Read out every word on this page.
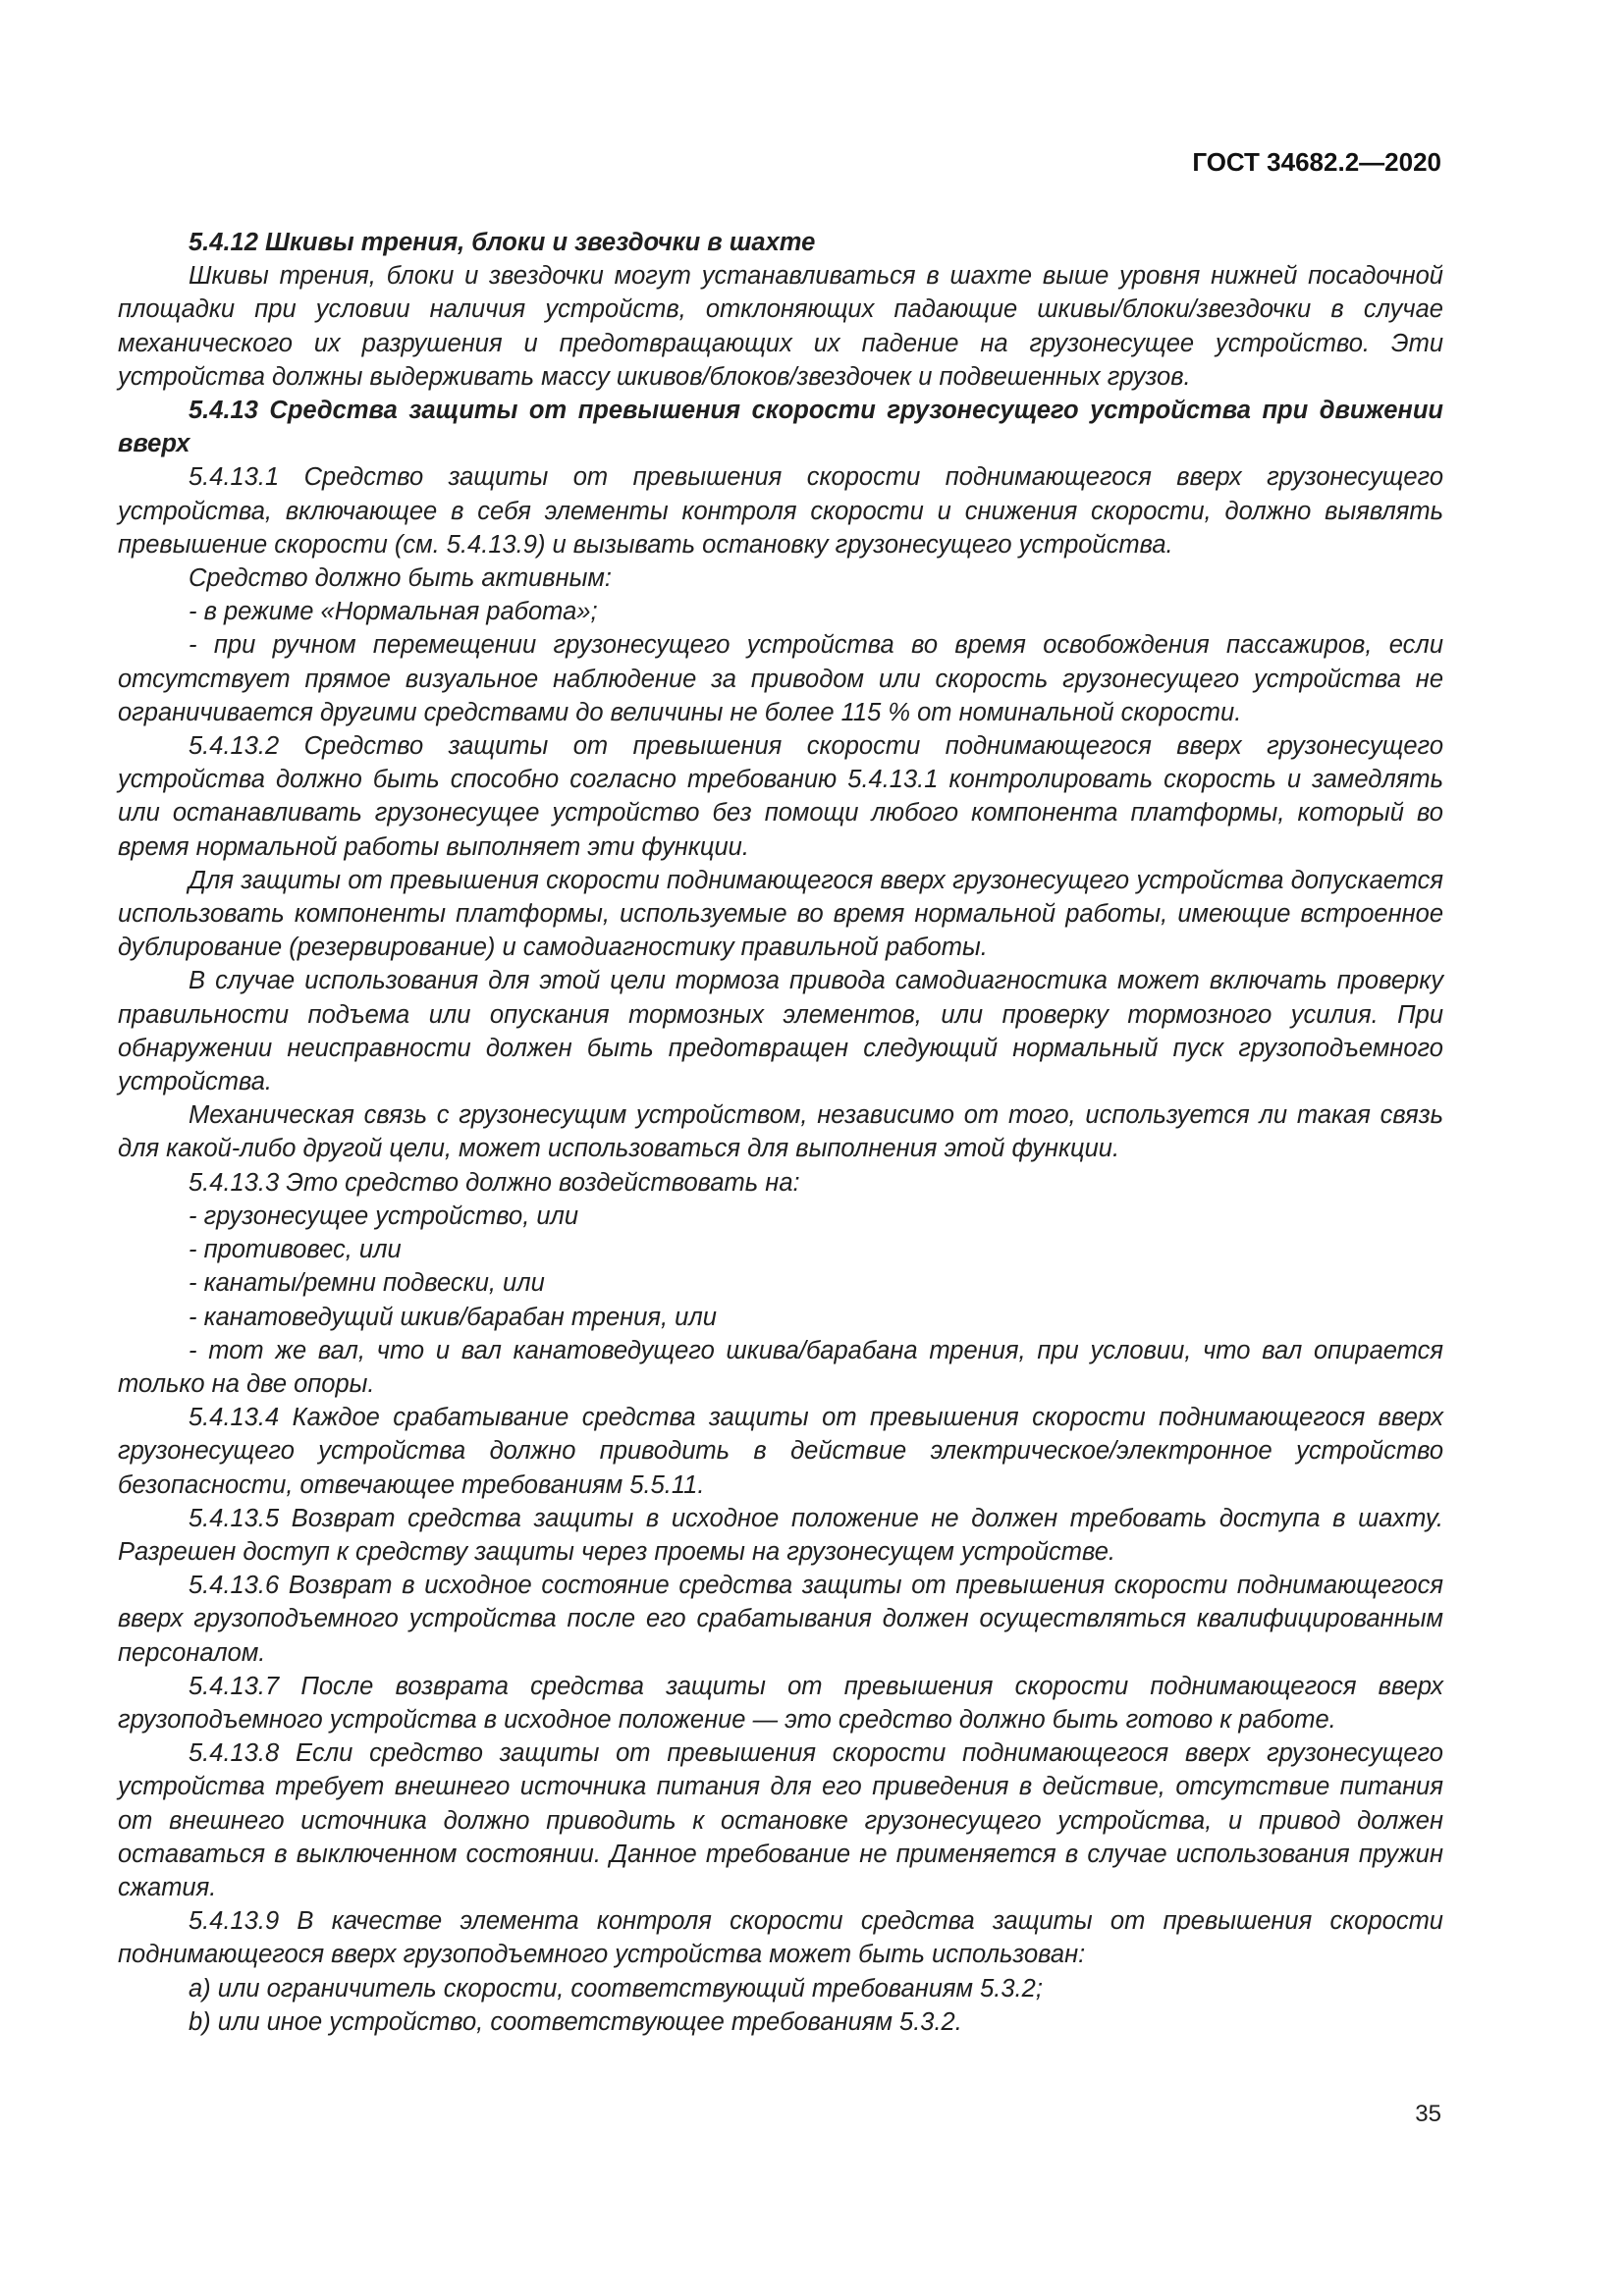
ГОСТ 34682.2—2020

5.4.12 Шкивы трения, блоки и звездочки в шахте

Шкивы трения, блоки и звездочки могут устанавливаться в шахте выше уровня нижней посадочной площадки при условии наличия устройств, отклоняющих падающие шкивы/блоки/звездочки в случае механического их разрушения и предотвращающих их падение на грузонесущее устройство. Эти устройства должны выдерживать массу шкивов/блоков/звездочек и подвешенных грузов.

5.4.13 Средства защиты от превышения скорости грузонесущего устройства при движении вверх

5.4.13.1 Средство защиты от превышения скорости поднимающегося вверх грузонесущего устройства, включающее в себя элементы контроля скорости и снижения скорости, должно выявлять превышение скорости (см. 5.4.13.9) и вызывать остановку грузонесущего устройства.

Средство должно быть активным:

- в режиме «Нормальная работа»;

- при ручном перемещении грузонесущего устройства во время освобождения пассажиров, если отсутствует прямое визуальное наблюдение за приводом или скорость грузонесущего устройства не ограничивается другими средствами до величины не более 115 % от номинальной скорости.

5.4.13.2 Средство защиты от превышения скорости поднимающегося вверх грузонесущего устройства должно быть способно согласно требованию 5.4.13.1 контролировать скорость и замедлять или останавливать грузонесущее устройство без помощи любого компонента платформы, который во время нормальной работы выполняет эти функции.

Для защиты от превышения скорости поднимающегося вверх грузонесущего устройства допускается использовать компоненты платформы, используемые во время нормальной работы, имеющие встроенное дублирование (резервирование) и самодиагностику правильной работы.

В случае использования для этой цели тормоза привода самодиагностика может включать проверку правильности подъема или опускания тормозных элементов, или проверку тормозного усилия. При обнаружении неисправности должен быть предотвращен следующий нормальный пуск грузоподъемного устройства.

Механическая связь с грузонесущим устройством, независимо от того, используется ли такая связь для какой-либо другой цели, может использоваться для выполнения этой функции.

5.4.13.3 Это средство должно воздействовать на:

- грузонесущее устройство, или

- противовес, или

- канаты/ремни подвески, или

- канатоведущий шкив/барабан трения, или

- тот же вал, что и вал канатоведущего шкива/барабана трения, при условии, что вал опирается только на две опоры.

5.4.13.4 Каждое срабатывание средства защиты от превышения скорости поднимающегося вверх грузонесущего устройства должно приводить в действие электрическое/электронное устройство безопасности, отвечающее требованиям 5.5.11.

5.4.13.5 Возврат средства защиты в исходное положение не должен требовать доступа в шахту. Разрешен доступ к средству защиты через проемы на грузонесущем устройстве.

5.4.13.6 Возврат в исходное состояние средства защиты от превышения скорости поднимающегося вверх грузоподъемного устройства после его срабатывания должен осуществляться квалифицированным персоналом.

5.4.13.7 После возврата средства защиты от превышения скорости поднимающегося вверх грузоподъемного устройства в исходное положение — это средство должно быть готово к работе.

5.4.13.8 Если средство защиты от превышения скорости поднимающегося вверх грузонесущего устройства требует внешнего источника питания для его приведения в действие, отсутствие питания от внешнего источника должно приводить к остановке грузонесущего устройства, и привод должен оставаться в выключенном состоянии. Данное требование не применяется в случае использования пружин сжатия.

5.4.13.9 В качестве элемента контроля скорости средства защиты от превышения скорости поднимающегося вверх грузоподъемного устройства может быть использован:

a) или ограничитель скорости, соответствующий требованиям 5.3.2;

b) или иное устройство, соответствующее требованиям 5.3.2.

35
